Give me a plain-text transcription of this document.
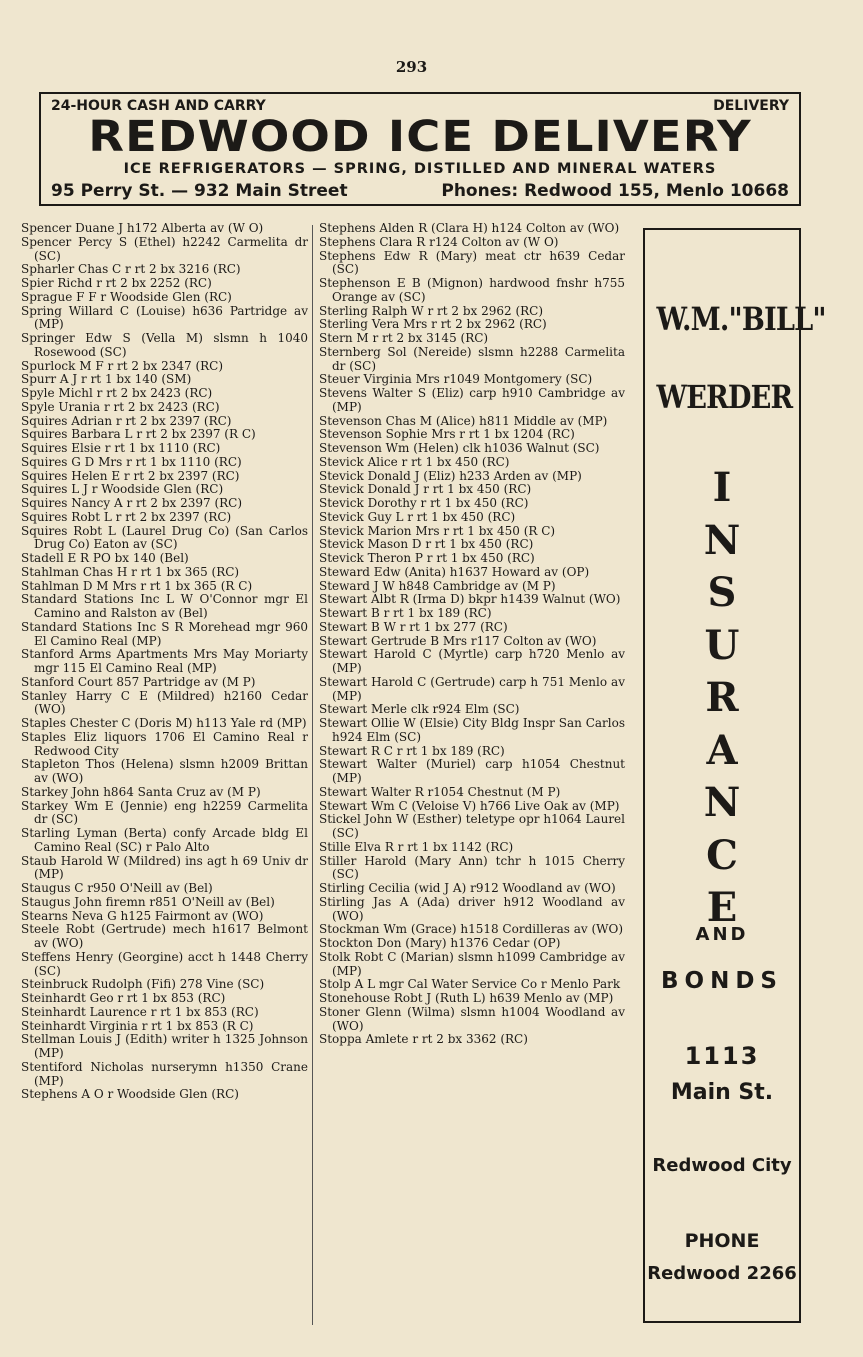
293
24-HOUR CASH AND CARRY	DELIVERY
REDWOOD ICE DELIVERY
ICE REFRIGERATORS — SPRING, DISTILLED AND MINERAL WATERS
95 Perry St. — 932 Main Street	Phones: Redwood 155, Menlo 10668

Spencer Duane J h172 Alberta av (W O)

Spencer Percy S (Ethel) h2242 Carmelita dr (SC)

Spharler Chas C r rt 2 bx 3216 (RC)

Spier Richd r rt 2 bx 2252 (RC)

Sprague F F r Woodside Glen (RC)

Spring Willard C (Louise) h636 Partridge av (MP)

Springer Edw S (Vella M) slsmn h 1040 Rosewood (SC)

Spurlock M F r rt 2 bx 2347 (RC)

Spurr A J r rt 1 bx 140 (SM)

Spyle Michl r rt 2 bx 2423 (RC)

Spyle Urania r rt 2 bx 2423 (RC)

Squires Adrian r rt 2 bx 2397 (RC)

Squires Barbara L r rt 2 bx 2397 (R C)

Squires Elsie r rt 1 bx 1110 (RC)

Squires G D Mrs r rt 1 bx 1110 (RC)

Squires Helen E r rt 2 bx 2397 (RC)

Squires L J r Woodside Glen (RC)

Squires Nancy A r rt 2 bx 2397 (RC)

Squires Robt L r rt 2 bx 2397 (RC)

Squires Robt L (Laurel Drug Co) (San Carlos Drug Co) Eaton av (SC)

Stadell E R PO bx 140 (Bel)

Stahlman Chas H r rt 1 bx 365 (RC)

Stahlman D M Mrs r rt 1 bx 365 (R C)

Standard Stations Inc L W O'Connor mgr El Camino and Ralston av (Bel)

Standard Stations Inc S R Morehead mgr 960 El Camino Real (MP)

Stanford Arms Apartments Mrs May Moriarty mgr 115 El Camino Real (MP)

Stanford Court 857 Partridge av (M P)

Stanley Harry C E (Mildred) h2160 Cedar (WO)

Staples Chester C (Doris M) h113 Yale rd (MP)

Staples Eliz liquors 1706 El Camino Real r Redwood City

Stapleton Thos (Helena) slsmn h2009 Brittan av (WO)

Starkey John h864 Santa Cruz av (M P)

Starkey Wm E (Jennie) eng h2259 Carmelita dr (SC)

Starling Lyman (Berta) confy Arcade bldg El Camino Real (SC) r Palo Alto

Staub Harold W (Mildred) ins agt h 69 Univ dr (MP)

Staugus C r950 O'Neill av (Bel)

Staugus John firemn r851 O'Neill av (Bel)

Stearns Neva G h125 Fairmont av (WO)

Steele Robt (Gertrude) mech h1617 Belmont av (WO)

Steffens Henry (Georgine) acct h 1448 Cherry (SC)

Steinbruck Rudolph (Fifi) 278 Vine (SC)

Steinhardt Geo r rt 1 bx 853 (RC)

Steinhardt Laurence r rt 1 bx 853 (RC)

Steinhardt Virginia r rt 1 bx 853 (R C)

Stellman Louis J (Edith) writer h 1325 Johnson (MP)

Stentiford Nicholas nurserymn h1350 Crane (MP)

Stephens A O r Woodside Glen (RC)

Stephens Alden R (Clara H) h124 Colton av (WO)

Stephens Clara R r124 Colton av (W O)

Stephens Edw R (Mary) meat ctr h639 Cedar (SC)

Stephenson E B (Mignon) hardwood fnshr h755 Orange av (SC)

Sterling Ralph W r rt 2 bx 2962 (RC)

Sterling Vera Mrs r rt 2 bx 2962 (RC)

Stern M r rt 2 bx 3145 (RC)

Sternberg Sol (Nereide) slsmn h2288 Carmelita dr (SC)

Steuer Virginia Mrs r1049 Montgomery (SC)

Stevens Walter S (Eliz) carp h910 Cambridge av (MP)

Stevenson Chas M (Alice) h811 Middle av (MP)

Stevenson Sophie Mrs r rt 1 bx 1204 (RC)

Stevenson Wm (Helen) clk h1036 Walnut (SC)

Stevick Alice r rt 1 bx 450 (RC)

Stevick Donald J (Eliz) h233 Arden av (MP)

Stevick Donald J r rt 1 bx 450 (RC)

Stevick Dorothy r rt 1 bx 450 (RC)

Stevick Guy L r rt 1 bx 450 (RC)

Stevick Marion Mrs r rt 1 bx 450 (R C)

Stevick Mason D r rt 1 bx 450 (RC)

Stevick Theron P r rt 1 bx 450 (RC)

Steward Edw (Anita) h1637 Howard av (OP)

Steward J W h848 Cambridge av (M P)

Stewart Albt R (Irma D) bkpr h1439 Walnut (WO)

Stewart B r rt 1 bx 189 (RC)

Stewart B W r rt 1 bx 277 (RC)

Stewart Gertrude B Mrs r117 Colton av (WO)

Stewart Harold C (Myrtle) carp h720 Menlo av (MP)

Stewart Harold C (Gertrude) carp h 751 Menlo av (MP)

Stewart Merle clk r924 Elm (SC)

Stewart Ollie W (Elsie) City Bldg Inspr San Carlos h924 Elm (SC)

Stewart R C r rt 1 bx 189 (RC)

Stewart Walter (Muriel) carp h1054 Chestnut (MP)

Stewart Walter R r1054 Chestnut (M P)

Stewart Wm C (Veloise V) h766 Live Oak av (MP)

Stickel John W (Esther) teletype opr h1064 Laurel (SC)

Stille Elva R r rt 1 bx 1142 (RC)

Stiller Harold (Mary Ann) tchr h 1015 Cherry (SC)

Stirling Cecilia (wid J A) r912 Woodland av (WO)

Stirling Jas A (Ada) driver h912 Woodland av (WO)

Stockman Wm (Grace) h1518 Cordilleras av (WO)

Stockton Don (Mary) h1376 Cedar (OP)

Stolk Robt C (Marian) slsmn h1099 Cambridge av (MP)

Stolp A L mgr Cal Water Service Co r Menlo Park

Stonehouse Robt J (Ruth L) h639 Menlo av (MP)

Stoner Glenn (Wilma) slsmn h1004 Woodland av (WO)

Stoppa Amlete r rt 2 bx 3362 (RC)

W.M."BILL"
WERDER
I
N
S
U
R
A
N
C
E
AND
BONDS
1113
Main St.
Redwood City
PHONE
Redwood 2266
